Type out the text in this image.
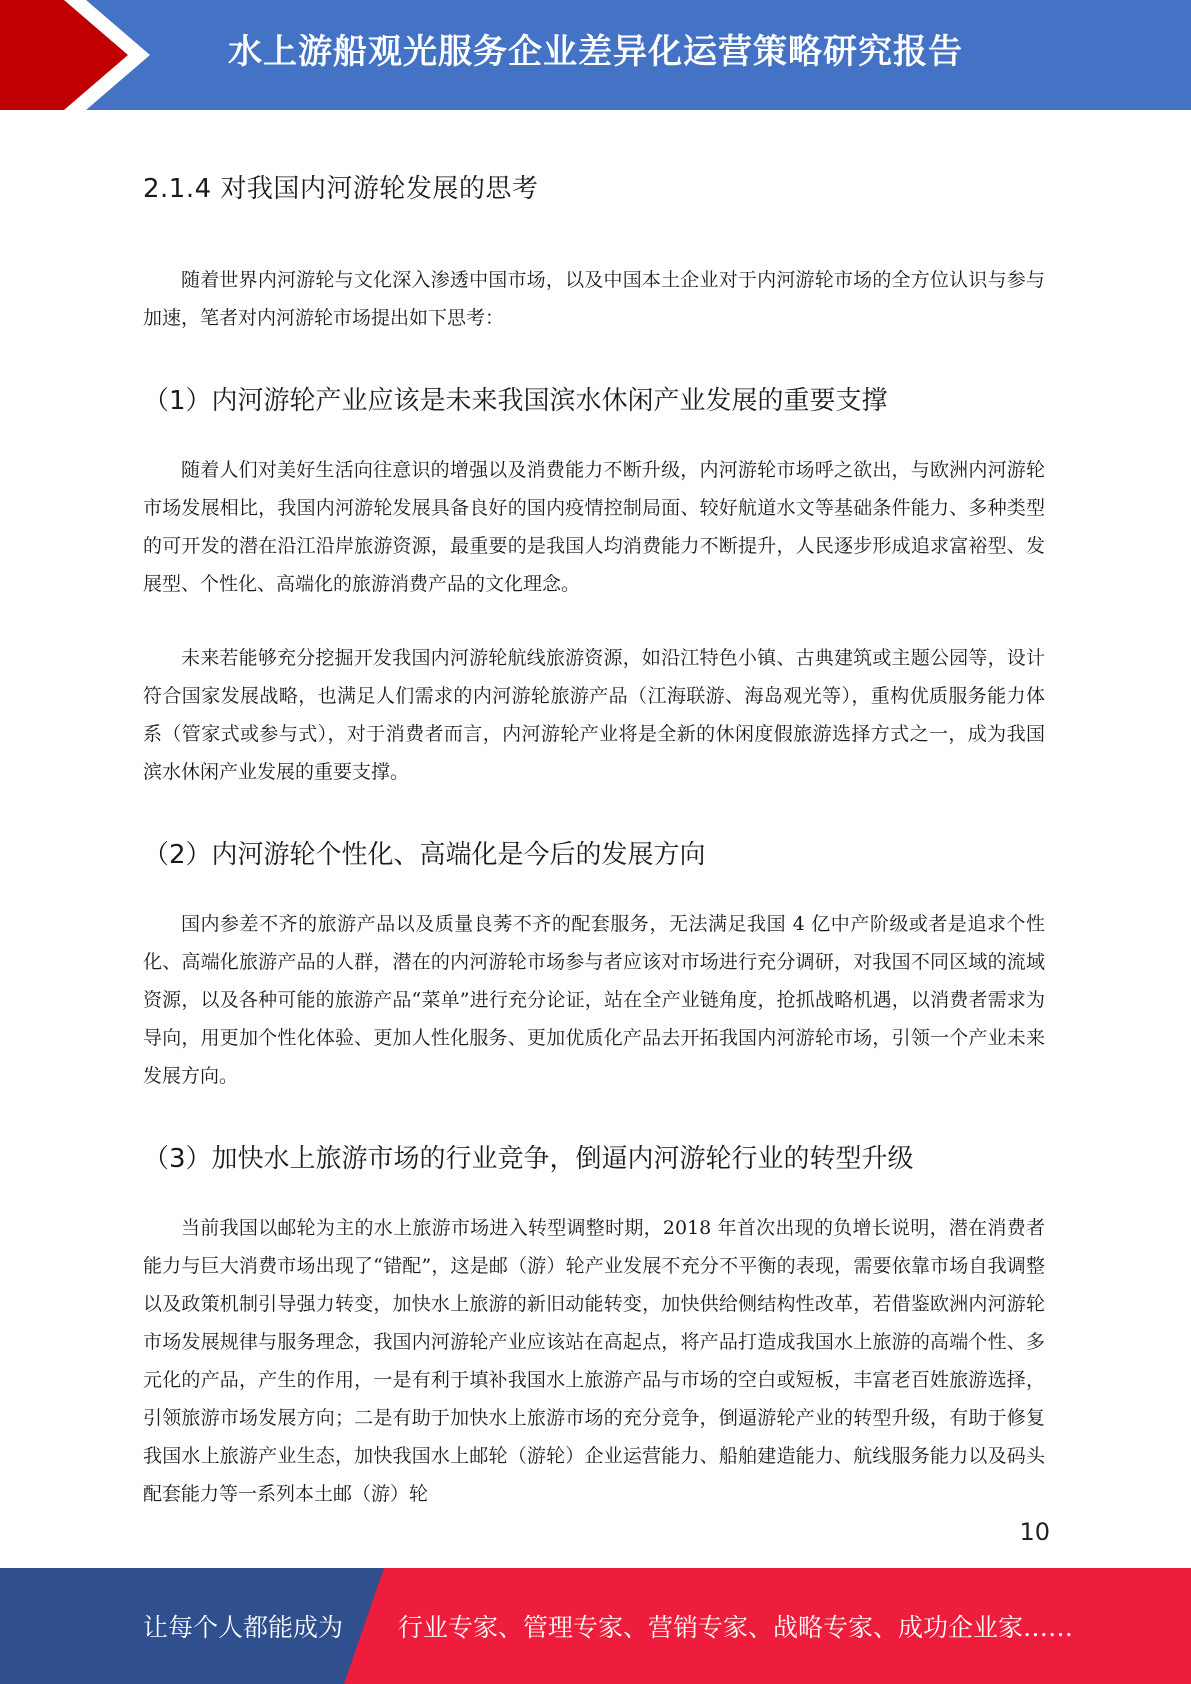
水上游船观光服务企业差异化运营策略研究报告
2.1.4 对我国内河游轮发展的思考

随着世界内河游轮与文化深入渗透中国市场，以及中国本土企业对于内河游轮市场的全方位认识与参与加速，笔者对内河游轮市场提出如下思考：

（1）内河游轮产业应该是未来我国滨水休闲产业发展的重要支撑

随着人们对美好生活向往意识的增强以及消费能力不断升级，内河游轮市场呼之欲出，与欧洲内河游轮市场发展相比，我国内河游轮发展具备良好的国内疫情控制局面、较好航道水文等基础条件能力、多种类型的可开发的潜在沿江沿岸旅游资源，最重要的是我国人均消费能力不断提升，人民逐步形成追求富裕型、发展型、个性化、高端化的旅游消费产品的文化理念。

未来若能够充分挖掘开发我国内河游轮航线旅游资源，如沿江特色小镇、古典建筑或主题公园等，设计符合国家发展战略，也满足人们需求的内河游轮旅游产品（江海联游、海岛观光等），重构优质服务能力体系（管家式或参与式），对于消费者而言，内河游轮产业将是全新的休闲度假旅游选择方式之一，成为我国滨水休闲产业发展的重要支撑。

（2）内河游轮个性化、高端化是今后的发展方向

国内参差不齐的旅游产品以及质量良莠不齐的配套服务，无法满足我国 4 亿中产阶级或者是追求个性化、高端化旅游产品的人群，潜在的内河游轮市场参与者应该对市场进行充分调研，对我国不同区域的流域资源，以及各种可能的旅游产品“菜单”进行充分论证，站在全产业链角度，抢抓战略机遇，以消费者需求为导向，用更加个性化体验、更加人性化服务、更加优质化产品去开拓我国内河游轮市场，引领一个产业未来发展方向。

（3）加快水上旅游市场的行业竞争，倒逼内河游轮行业的转型升级

当前我国以邮轮为主的水上旅游市场进入转型调整时期，2018 年首次出现的负增长说明，潜在消费者能力与巨大消费市场出现了“错配”，这是邮（游）轮产业发展不充分不平衡的表现，需要依靠市场自我调整以及政策机制引导强力转变，加快水上旅游的新旧动能转变，加快供给侧结构性改革，若借鉴欧洲内河游轮市场发展规律与服务理念，我国内河游轮产业应该站在高起点，将产品打造成我国水上旅游的高端个性、多元化的产品，产生的作用，一是有利于填补我国水上旅游产品与市场的空白或短板，丰富老百姓旅游选择，引领旅游市场发展方向；二是有助于加快水上旅游市场的充分竞争，倒逼游轮产业的转型升级，有助于修复我国水上旅游产业生态，加快我国水上邮轮（游轮）企业运营能力、船舶建造能力、航线服务能力以及码头配套能力等一系列本土邮（游）轮

10
让每个人都能成为 行业专家、管理专家、营销专家、战略专家、成功企业家……
